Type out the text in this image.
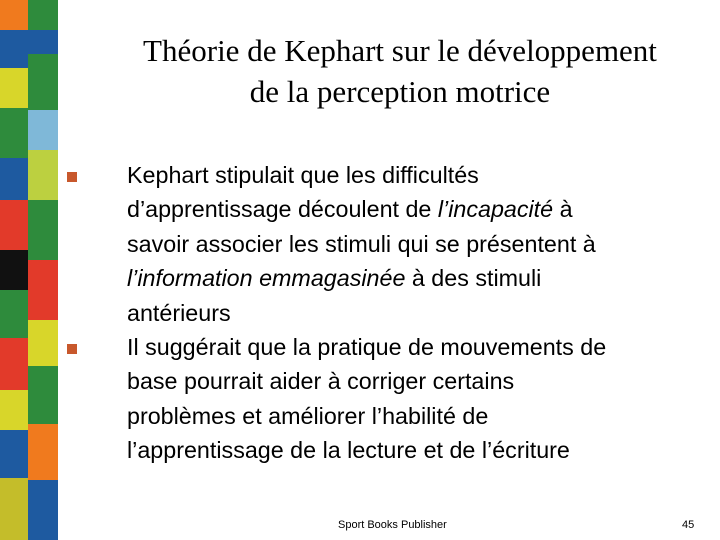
Théorie de Kephart sur le développement
de la perception motrice
Kephart stipulait que les difficultés
d’apprentissage découlent de l’incapacité à
savoir associer les stimuli qui se présentent à
l’information emmagasinée à des stimuli
antérieurs
Il suggérait que la pratique de mouvements de
base pourrait aider à corriger certains
problèmes et améliorer l’habilité de
l’apprentissage de la lecture et de l’écriture
Sport Books Publisher	45
